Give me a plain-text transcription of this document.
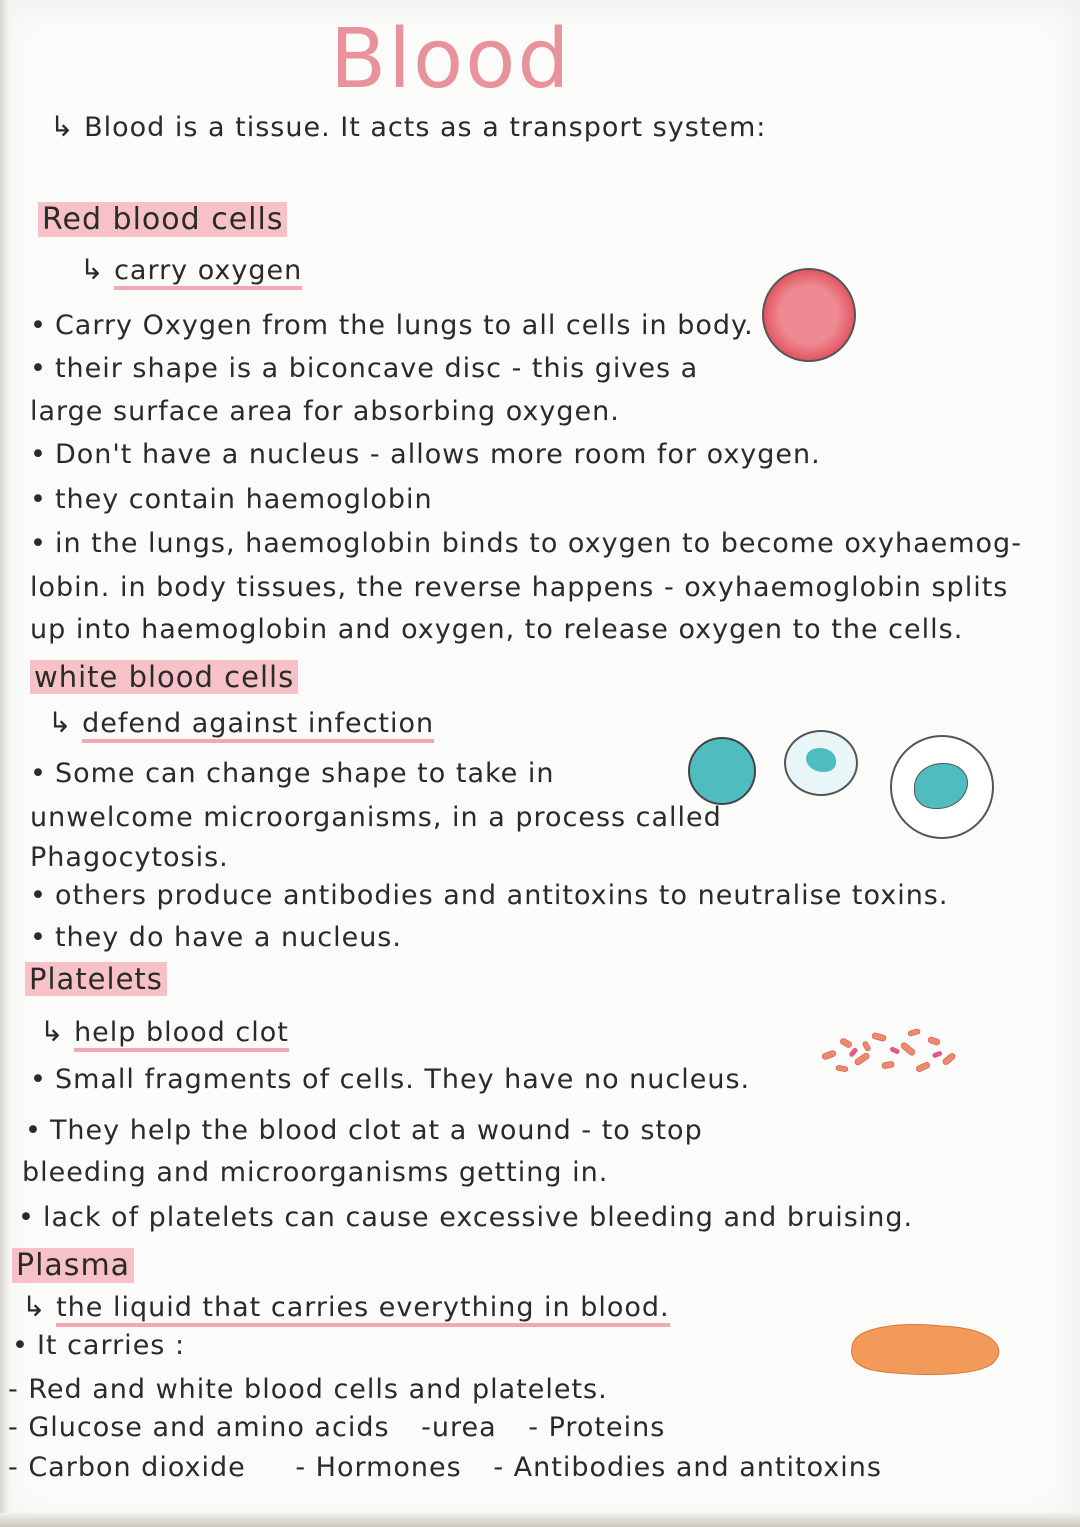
Blood
↳ Blood is a tissue. It acts as a transport system:
Red blood cells
↳ carry oxygen
• Carry Oxygen from the lungs to all cells in body.
• their shape is a biconcave disc - this gives a
large surface area for absorbing oxygen.
• Don't have a nucleus - allows more room for oxygen.
• they contain haemoglobin
• in the lungs, haemoglobin binds to oxygen to become oxyhaemog-
lobin. in body tissues, the reverse happens - oxyhaemoglobin splits
up into haemoglobin and oxygen, to release oxygen to the cells.
white blood cells
↳ defend against infection
• Some can change shape to take in
unwelcome microorganisms, in a process called
Phagocytosis.
• others produce antibodies and antitoxins to neutralise toxins.
• they do have a nucleus.
Platelets
↳ help blood clot
• Small fragments of cells. They have no nucleus.
• They help the blood clot at a wound - to stop
bleeding and microorganisms getting in.
• lack of platelets can cause excessive bleeding and bruising.
Plasma
↳ the liquid that carries everything in blood.
• It carries :
- Red and white blood cells and platelets.
- Glucose and amino acids -urea - Proteins
- Carbon dioxide - Hormones - Antibodies and antitoxins
